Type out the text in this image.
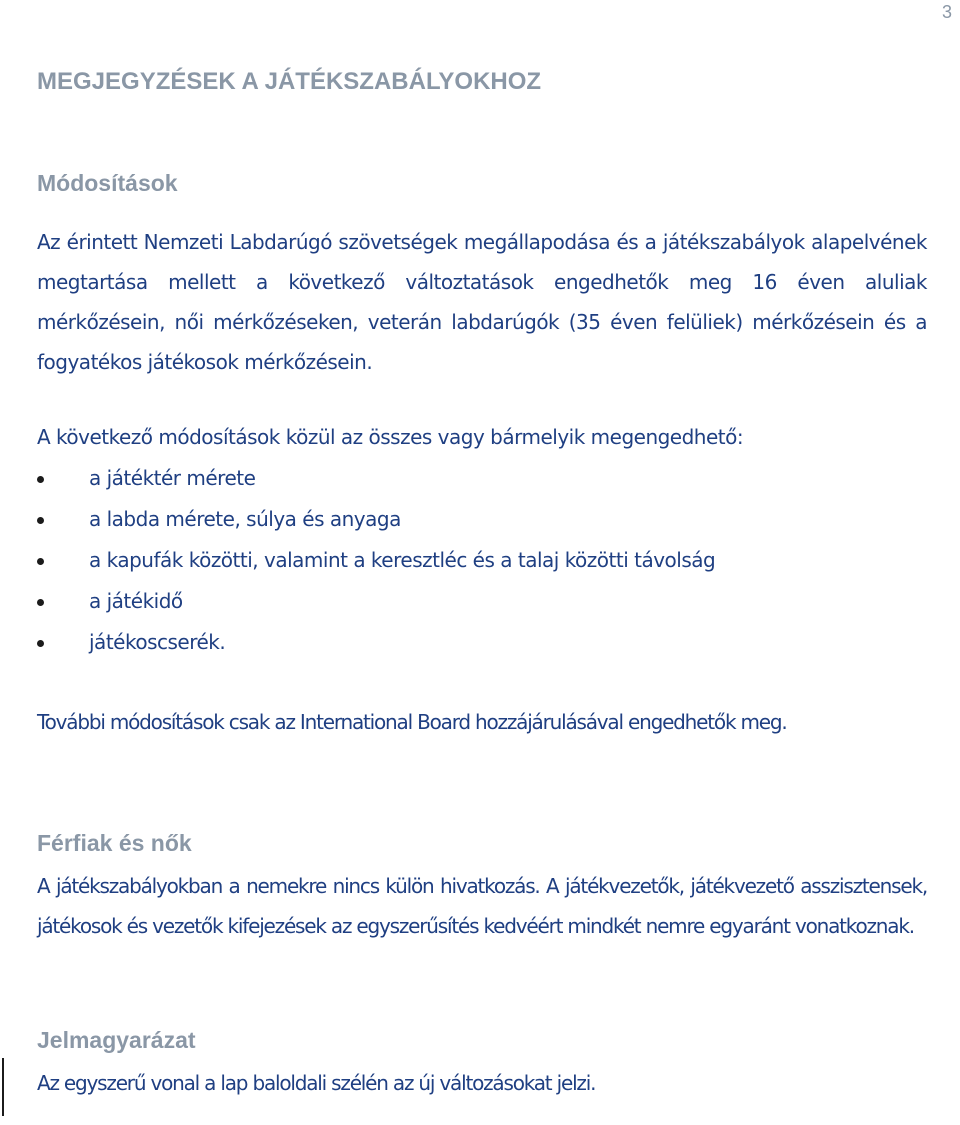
3
MEGJEGYZÉSEK A JÁTÉKSZABÁLYOKHOZ
Módosítások
Az érintett Nemzeti Labdarúgó szövetségek megállapodása és a játékszabályok alapelvének megtartása mellett a következő változtatások engedhetők meg 16 éven aluliak mérkőzésein, női mérkőzéseken, veterán labdarúgók (35 éven felüliek) mérkőzésein és a fogyatékos játékosok mérkőzésein.
A következő módosítások közül az összes vagy bármelyik megengedhető:
a játéktér mérete
a labda mérete, súlya és anyaga
a kapufák közötti, valamint a keresztléc és a talaj közötti távolság
a játékidő
játékoscserék.
További módosítások csak az International Board hozzájárulásával engedhetők meg.
Férfiak és nők
A játékszabályokban a nemekre nincs külön hivatkozás. A játékvezetők, játékvezető asszisztensek, játékosok és vezetők kifejezések az egyszerűsítés kedvéért mindkét nemre egyaránt vonatkoznak.
Jelmagyarázat
Az egyszerű vonal a lap baloldali szélén az új változásokat jelzi.
